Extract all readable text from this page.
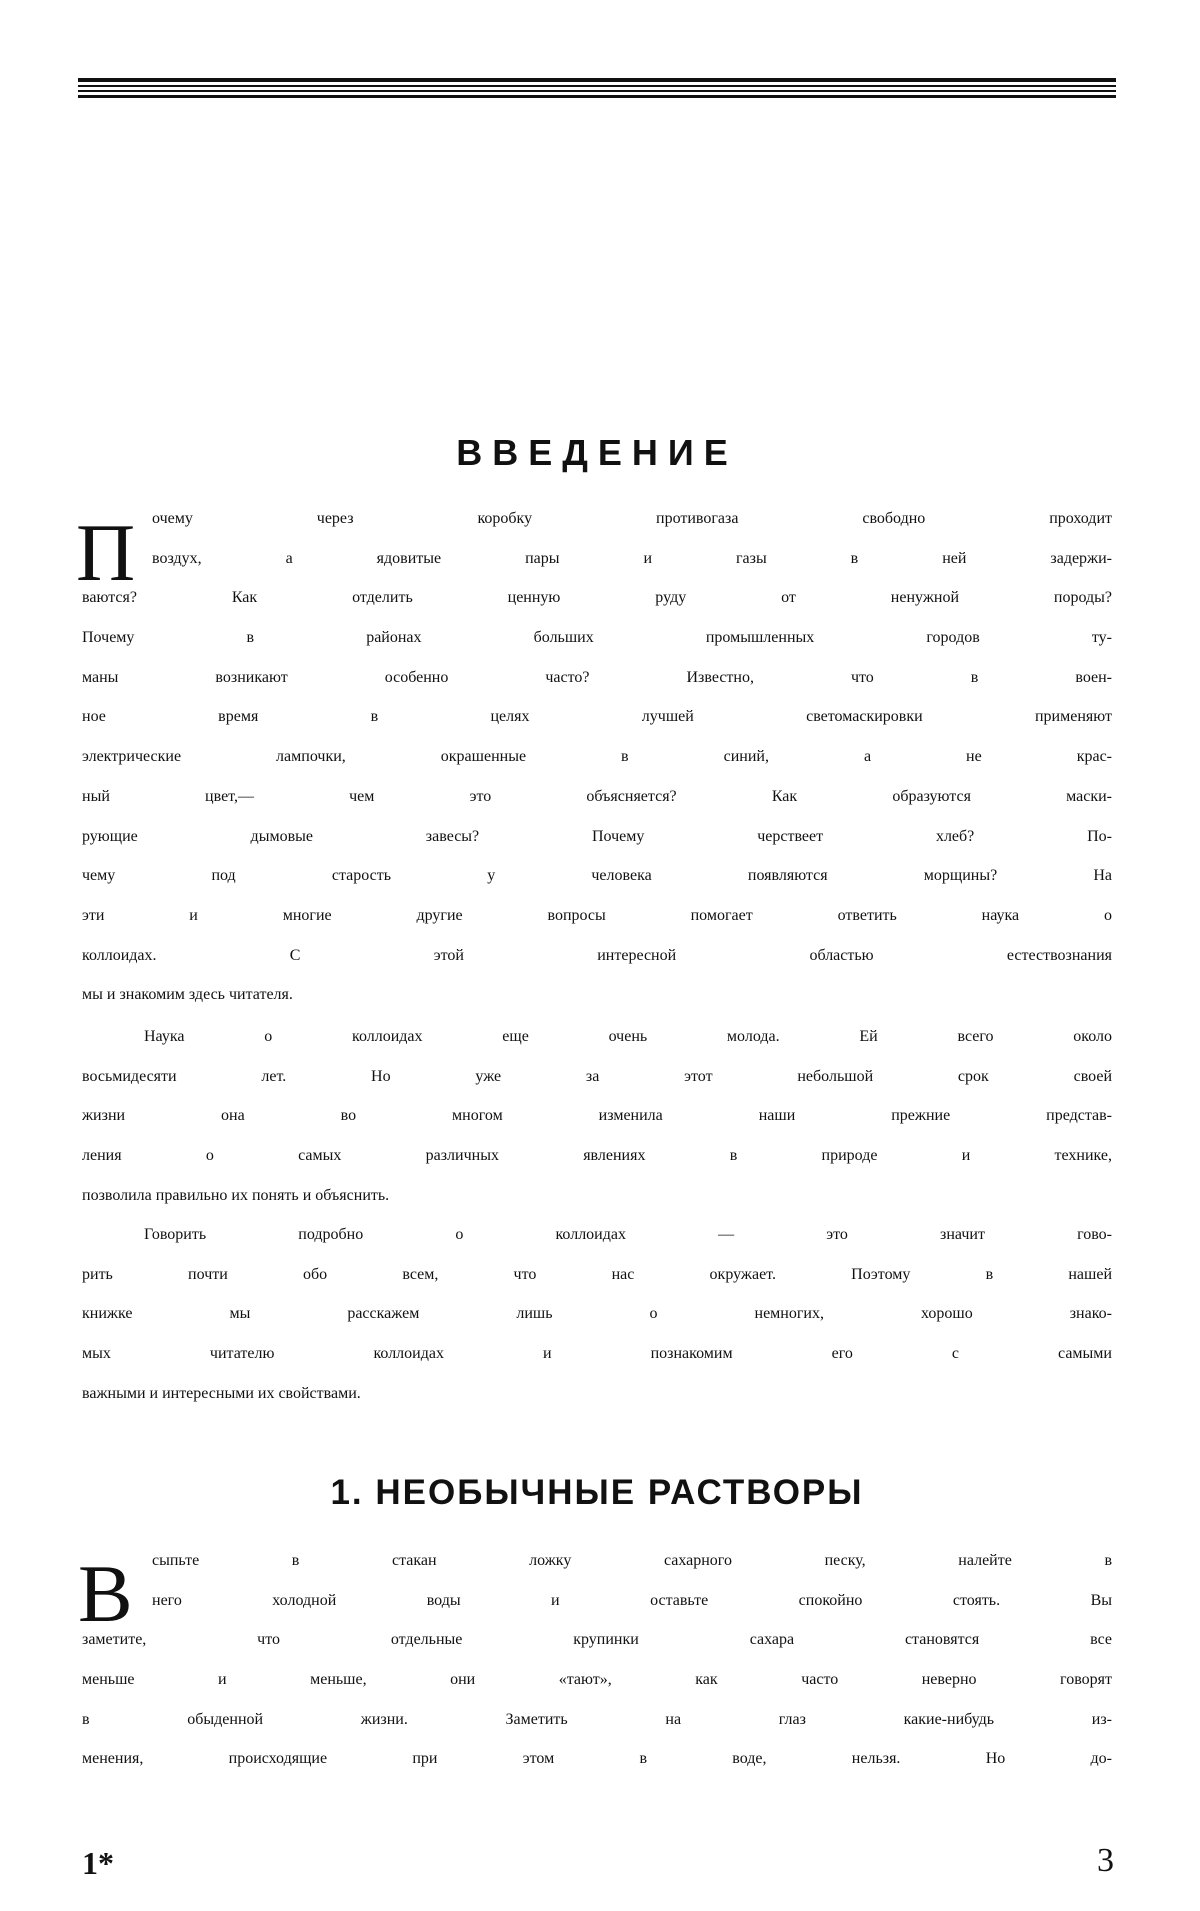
ВВЕДЕНИЕ
П	очему через коробку противогаза свободно проходит
воздух, а ядовитые пары и газы в ней задержи-
ваются? Как отделить ценную руду от ненужной породы?
Почему в районах больших промышленных городов ту-
маны возникают особенно часто? Известно, что в воен-
ное время в целях лучшей светомаскировки применяют
электрические лампочки, окрашенные в синий, а не крас-
ный цвет,— чем это объясняется? Как образуются маски-
рующие дымовые завесы? Почему черствеет хлеб? По-
чему под старость у человека появляются морщины? На
эти и многие другие вопросы помогает ответить наука о
коллоидах. С этой интересной областью естествознания
мы и знакомим здесь читателя.
Наука о коллоидах еще очень молода. Ей всего около
восьмидесяти лет. Но уже за этот небольшой срок своей
жизни она во многом изменила наши прежние представ-
ления о самых различных явлениях в природе и технике,
позволила правильно их понять и объяснить.
Говорить подробно о коллоидах — это значит гово-
рить почти обо всем, что нас окружает. Поэтому в нашей
книжке мы расскажем лишь о немногих, хорошо знако-
мых читателю коллоидах и познакомим его с самыми
важными и интересными их свойствами.
1. НЕОБЫЧНЫЕ РАСТВОРЫ
В	сыпьте в стакан ложку сахарного песку, налейте в
него холодной воды и оставьте спокойно стоять. Вы
заметите, что отдельные крупинки сахара становятся все
меньше и меньше, они «тают», как часто неверно говорят
в обыденной жизни. Заметить на глаз какие-нибудь из-
менения, происходящие при этом в воде, нельзя. Но до-
1*	3
